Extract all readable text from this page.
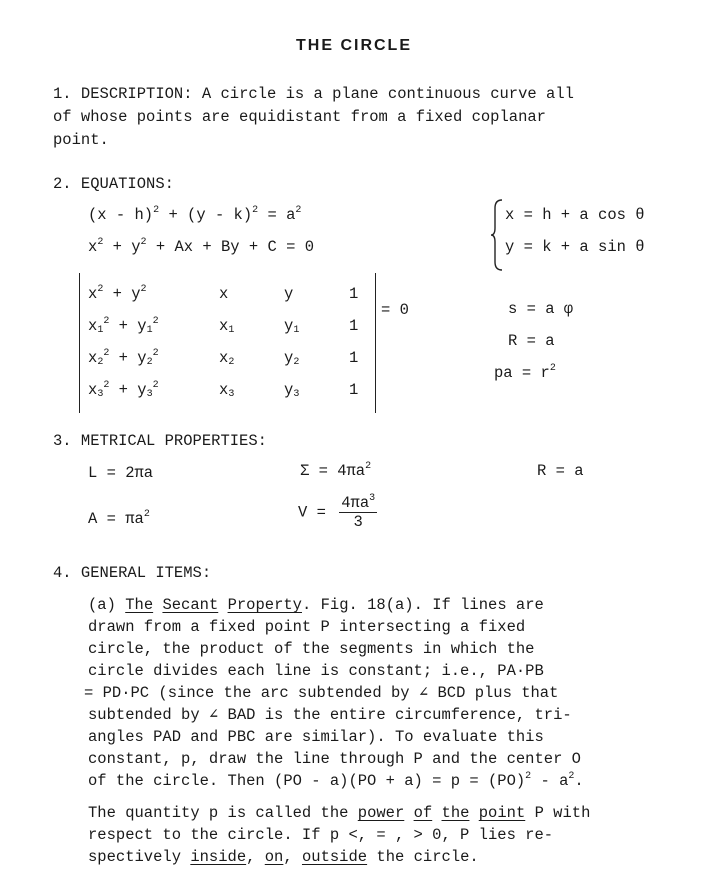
THE CIRCLE
1. DESCRIPTION: A circle is a plane continuous curve all
of whose points are equidistant from a fixed coplanar
point.
2. EQUATIONS:
$(x - h)^2 + (y - k)^2 = a^2$
$x^2 + y^2 + Ax + By + C = 0$
x = h + a cos θ
y = k + a sin θ
$x^2 + y^2$	x	y	1
$x_1^2 + y_1^2$	$x_1$	$y_1$	1
$x_2^2 + y_2^2$	$x_2$	$y_2$	1
$x_3^2 + y_3^2$	$x_3$	$y_3$	1
= 0	s = a φ
R = a
pa = $r^2$
3. METRICAL PROPERTIES:
L = 2πa	$\Sigma = 4\pi a^2$	R = a
$A = \pi a^2$	$V = \frac{4\pi a^3}{3}$
4. GENERAL ITEMS:
(a) The Secant Property. Fig. 18(a). If lines are
drawn from a fixed point P intersecting a fixed
circle, the product of the segments in which the
circle divides each line is constant; i.e., PA·PB
= PD·PC (since the arc subtended by ∠ BCD plus that
subtended by ∠ BAD is the entire circumference, tri-
angles PAD and PBC are similar). To evaluate this
constant, p, draw the line through P and the center O
of the circle. Then $(PO - a)(PO + a) = p = (PO)^2 - a^2$.
The quantity p is called the power of the point P with
respect to the circle. If p <, = , > 0, P lies re-
spectively inside, on, outside the circle.
